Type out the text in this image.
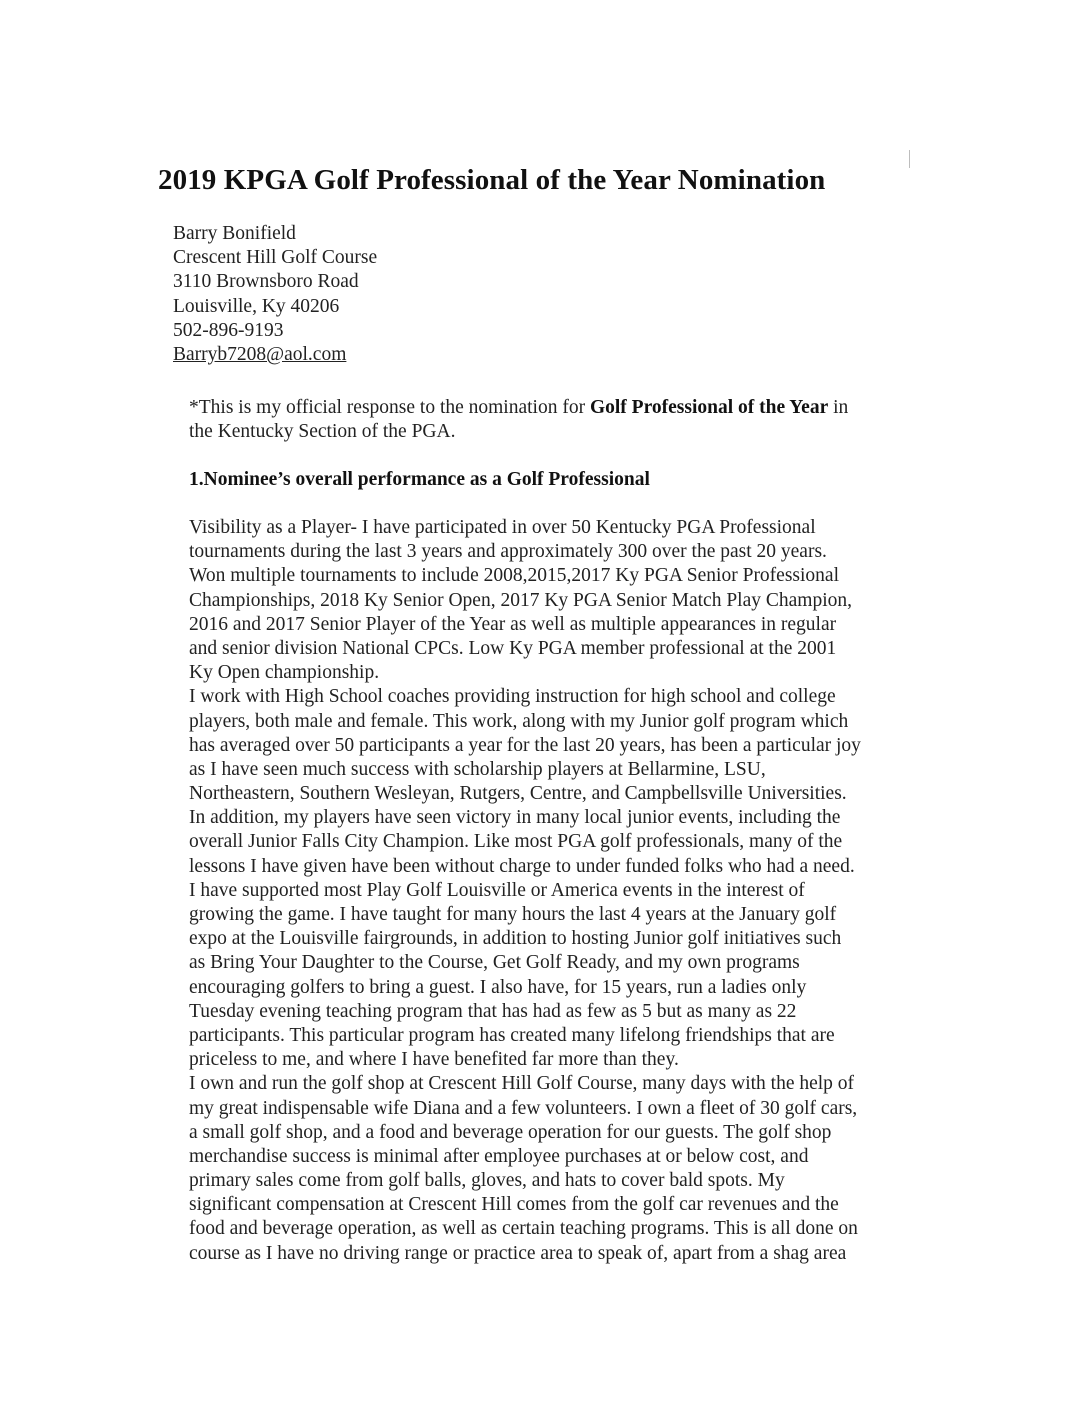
2019 KPGA Golf Professional of the Year Nomination
Barry Bonifield
Crescent Hill Golf Course
3110 Brownsboro Road
Louisville, Ky 40206
502-896-9193
Barryb7208@aol.com
*This is my official response to the nomination for Golf Professional of the Year in
the Kentucky Section of the PGA.
1.Nominee’s overall performance as a Golf Professional
Visibility as a Player- I have participated in over 50 Kentucky PGA Professional
tournaments during the last 3 years and approximately 300 over the past 20 years.
Won multiple tournaments to include 2008,2015,2017 Ky PGA Senior Professional
Championships, 2018 Ky Senior Open, 2017 Ky PGA Senior Match Play Champion,
2016 and 2017 Senior Player of the Year as well as multiple appearances in regular
and senior division National CPCs. Low Ky PGA member professional at the 2001
Ky Open championship.
I work with High School coaches providing instruction for high school and college
players, both male and female. This work, along with my Junior golf program which
has averaged over 50 participants a year for the last 20 years, has been a particular joy
as I have seen much success with scholarship players at Bellarmine, LSU,
Northeastern, Southern Wesleyan, Rutgers, Centre, and Campbellsville Universities.
In addition, my players have seen victory in many local junior events, including the
overall Junior Falls City Champion. Like most PGA golf professionals, many of the
lessons I have given have been without charge to under funded folks who had a need.
I have supported most Play Golf Louisville or America events in the interest of
growing the game. I have taught for many hours the last 4 years at the January golf
expo at the Louisville fairgrounds, in addition to hosting Junior golf initiatives such
as Bring Your Daughter to the Course, Get Golf Ready, and my own programs
encouraging golfers to bring a guest. I also have, for 15 years, run a ladies only
Tuesday evening teaching program that has had as few as 5 but as many as 22
participants. This particular program has created many lifelong friendships that are
priceless to me, and where I have benefited far more than they.
I own and run the golf shop at Crescent Hill Golf Course, many days with the help of
my great indispensable wife Diana and a few volunteers. I own a fleet of 30 golf cars,
a small golf shop, and a food and beverage operation for our guests. The golf shop
merchandise success is minimal after employee purchases at or below cost, and
primary sales come from golf balls, gloves, and hats to cover bald spots. My
significant compensation at Crescent Hill comes from the golf car revenues and the
food and beverage operation, as well as certain teaching programs. This is all done on
course as I have no driving range or practice area to speak of, apart from a shag area
